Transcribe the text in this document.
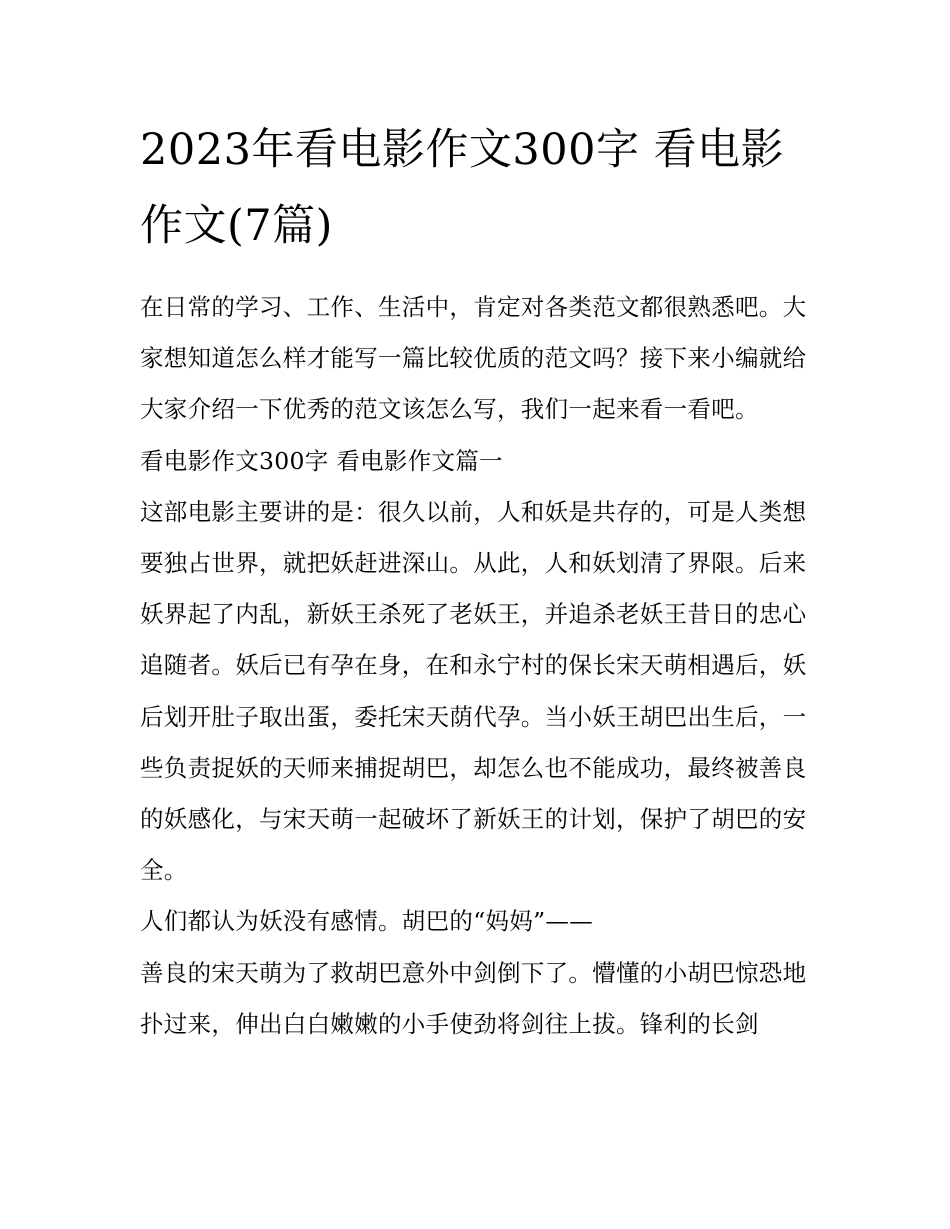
2023年看电影作文300字 看电影作文(7篇)

在日常的学习、工作、生活中，肯定对各类范文都很熟悉吧。大家想知道怎么样才能写一篇比较优质的范文吗？接下来小编就给大家介绍一下优秀的范文该怎么写，我们一起来看一看吧。

看电影作文300字 看电影作文篇一

这部电影主要讲的是：很久以前，人和妖是共存的，可是人类想要独占世界，就把妖赶进深山。从此，人和妖划清了界限。后来妖界起了内乱，新妖王杀死了老妖王，并追杀老妖王昔日的忠心追随者。妖后已有孕在身，在和永宁村的保长宋天萌相遇后，妖后划开肚子取出蛋，委托宋天荫代孕。当小妖王胡巴出生后，一些负责捉妖的天师来捕捉胡巴，却怎么也不能成功，最终被善良的妖感化，与宋天萌一起破坏了新妖王的计划，保护了胡巴的安全。

人们都认为妖没有感情。胡巴的“妈妈”——

善良的宋天萌为了救胡巴意外中剑倒下了。懵懂的小胡巴惊恐地扑过来，伸出白白嫩嫩的小手使劲将剑往上拔。锋利的长剑
